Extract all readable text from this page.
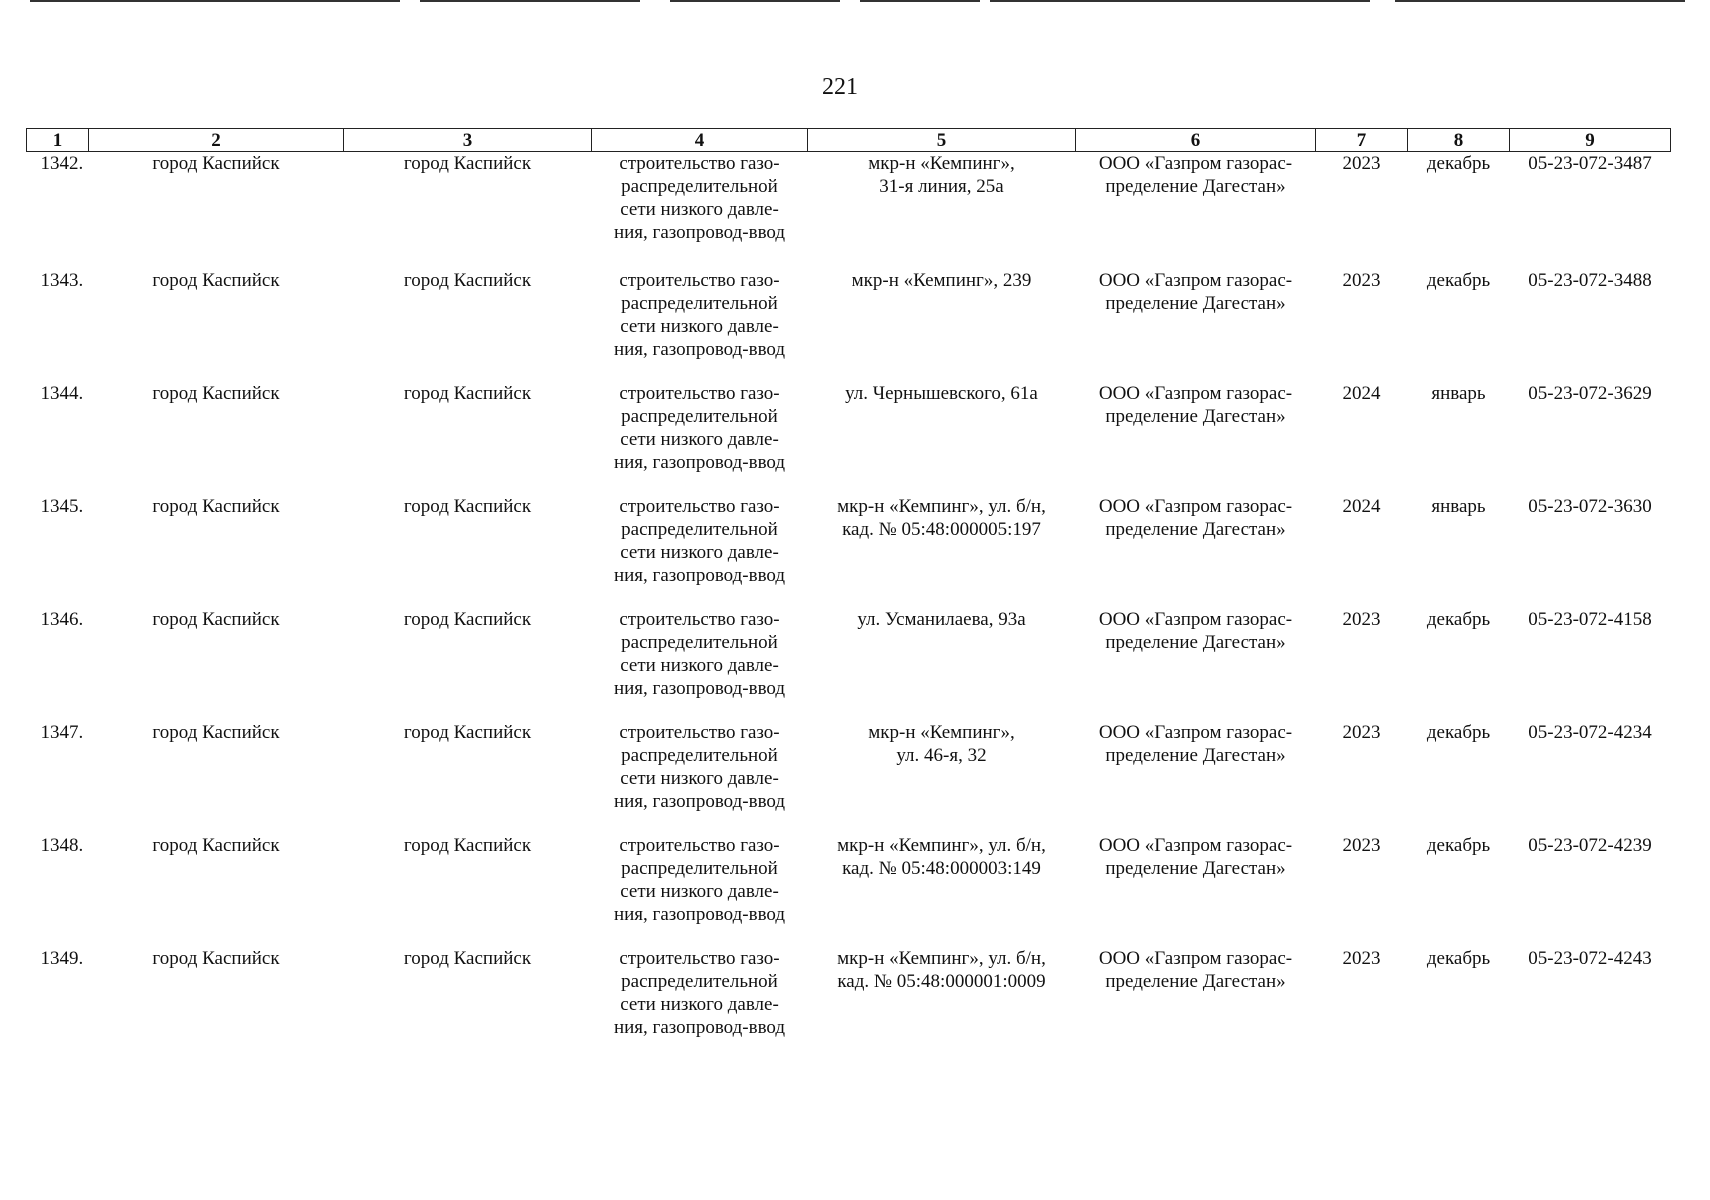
221
1	2	3	4	5	6	7	8	9
1342.	город Каспийск	город Каспийск	строительство газо-
распределительной
сети низкого давле-
ния, газопровод-ввод	мкр-н «Кемпинг»,
31-я линия, 25а	ООО «Газпром газорас-
пределение Дагестан»	2023	декабрь	05-23-072-3487
1343.	город Каспийск	город Каспийск	строительство газо-
распределительной
сети низкого давле-
ния, газопровод-ввод	мкр-н «Кемпинг», 239	ООО «Газпром газорас-
пределение Дагестан»	2023	декабрь	05-23-072-3488
1344.	город Каспийск	город Каспийск	строительство газо-
распределительной
сети низкого давле-
ния, газопровод-ввод	ул. Чернышевского, 61а	ООО «Газпром газорас-
пределение Дагестан»	2024	январь	05-23-072-3629
1345.	город Каспийск	город Каспийск	строительство газо-
распределительной
сети низкого давле-
ния, газопровод-ввод	мкр-н «Кемпинг», ул. б/н,
кад. № 05:48:000005:197	ООО «Газпром газорас-
пределение Дагестан»	2024	январь	05-23-072-3630
1346.	город Каспийск	город Каспийск	строительство газо-
распределительной
сети низкого давле-
ния, газопровод-ввод	ул. Усманилаева, 93а	ООО «Газпром газорас-
пределение Дагестан»	2023	декабрь	05-23-072-4158
1347.	город Каспийск	город Каспийск	строительство газо-
распределительной
сети низкого давле-
ния, газопровод-ввод	мкр-н «Кемпинг»,
ул. 46-я, 32	ООО «Газпром газорас-
пределение Дагестан»	2023	декабрь	05-23-072-4234
1348.	город Каспийск	город Каспийск	строительство газо-
распределительной
сети низкого давле-
ния, газопровод-ввод	мкр-н «Кемпинг», ул. б/н,
кад. № 05:48:000003:149	ООО «Газпром газорас-
пределение Дагестан»	2023	декабрь	05-23-072-4239
1349.	город Каспийск	город Каспийск	строительство газо-
распределительной
сети низкого давле-
ния, газопровод-ввод	мкр-н «Кемпинг», ул. б/н,
кад. № 05:48:000001:0009	ООО «Газпром газорас-
пределение Дагестан»	2023	декабрь	05-23-072-4243
